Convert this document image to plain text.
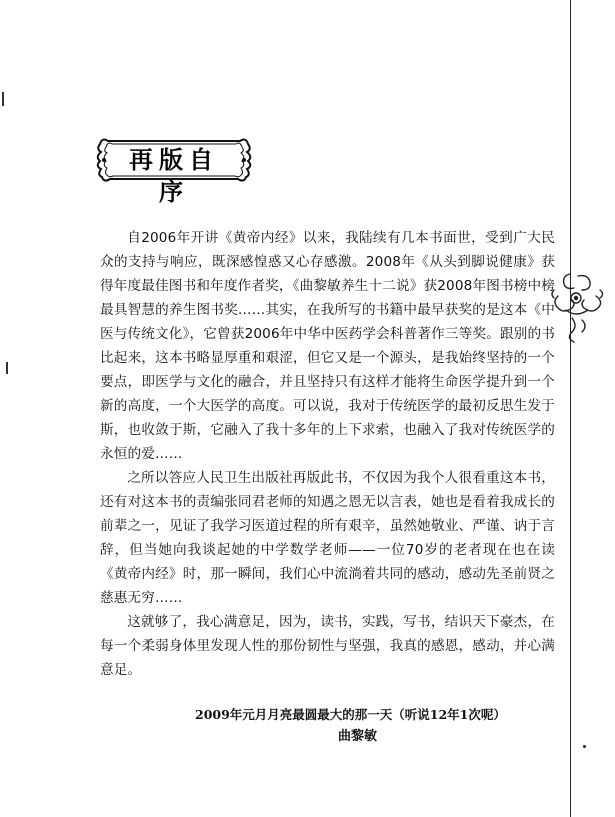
再版自序

自2006年开讲《黄帝内经》以来，我陆续有几本书面世，受到广大民众的支持与响应，既深感惶惑又心存感激。2008年《从头到脚说健康》获得年度最佳图书和年度作者奖，《曲黎敏养生十二说》获2008年图书榜中榜最具智慧的养生图书奖……其实，在我所写的书籍中最早获奖的是这本《中医与传统文化》，它曾获2006年中华中医药学会科普著作三等奖。跟别的书比起来，这本书略显厚重和艰涩，但它又是一个源头，是我始终坚持的一个要点，即医学与文化的融合，并且坚持只有这样才能将生命医学提升到一个新的高度，一个大医学的高度。可以说，我对于传统医学的最初反思生发于斯，也收敛于斯，它融入了我十多年的上下求索，也融入了我对传统医学的永恒的爱……

之所以答应人民卫生出版社再版此书，不仅因为我个人很看重这本书，还有对这本书的责编张同君老师的知遇之恩无以言表，她也是看着我成长的前辈之一，见证了我学习医道过程的所有艰辛，虽然她敬业、严谨、讷于言辞，但当她向我谈起她的中学数学老师——一位70岁的老者现在也在读《黄帝内经》时，那一瞬间，我们心中流淌着共同的感动，感动先圣前贤之慈惠无穷……

这就够了，我心满意足，因为，读书，实践，写书，结识天下豪杰，在每一个柔弱身体里发现人性的那份韧性与坚强，我真的感恩，感动，并心满意足。

2009年元月月亮最圆最大的那一天（听说12年1次呢）
曲黎敏
